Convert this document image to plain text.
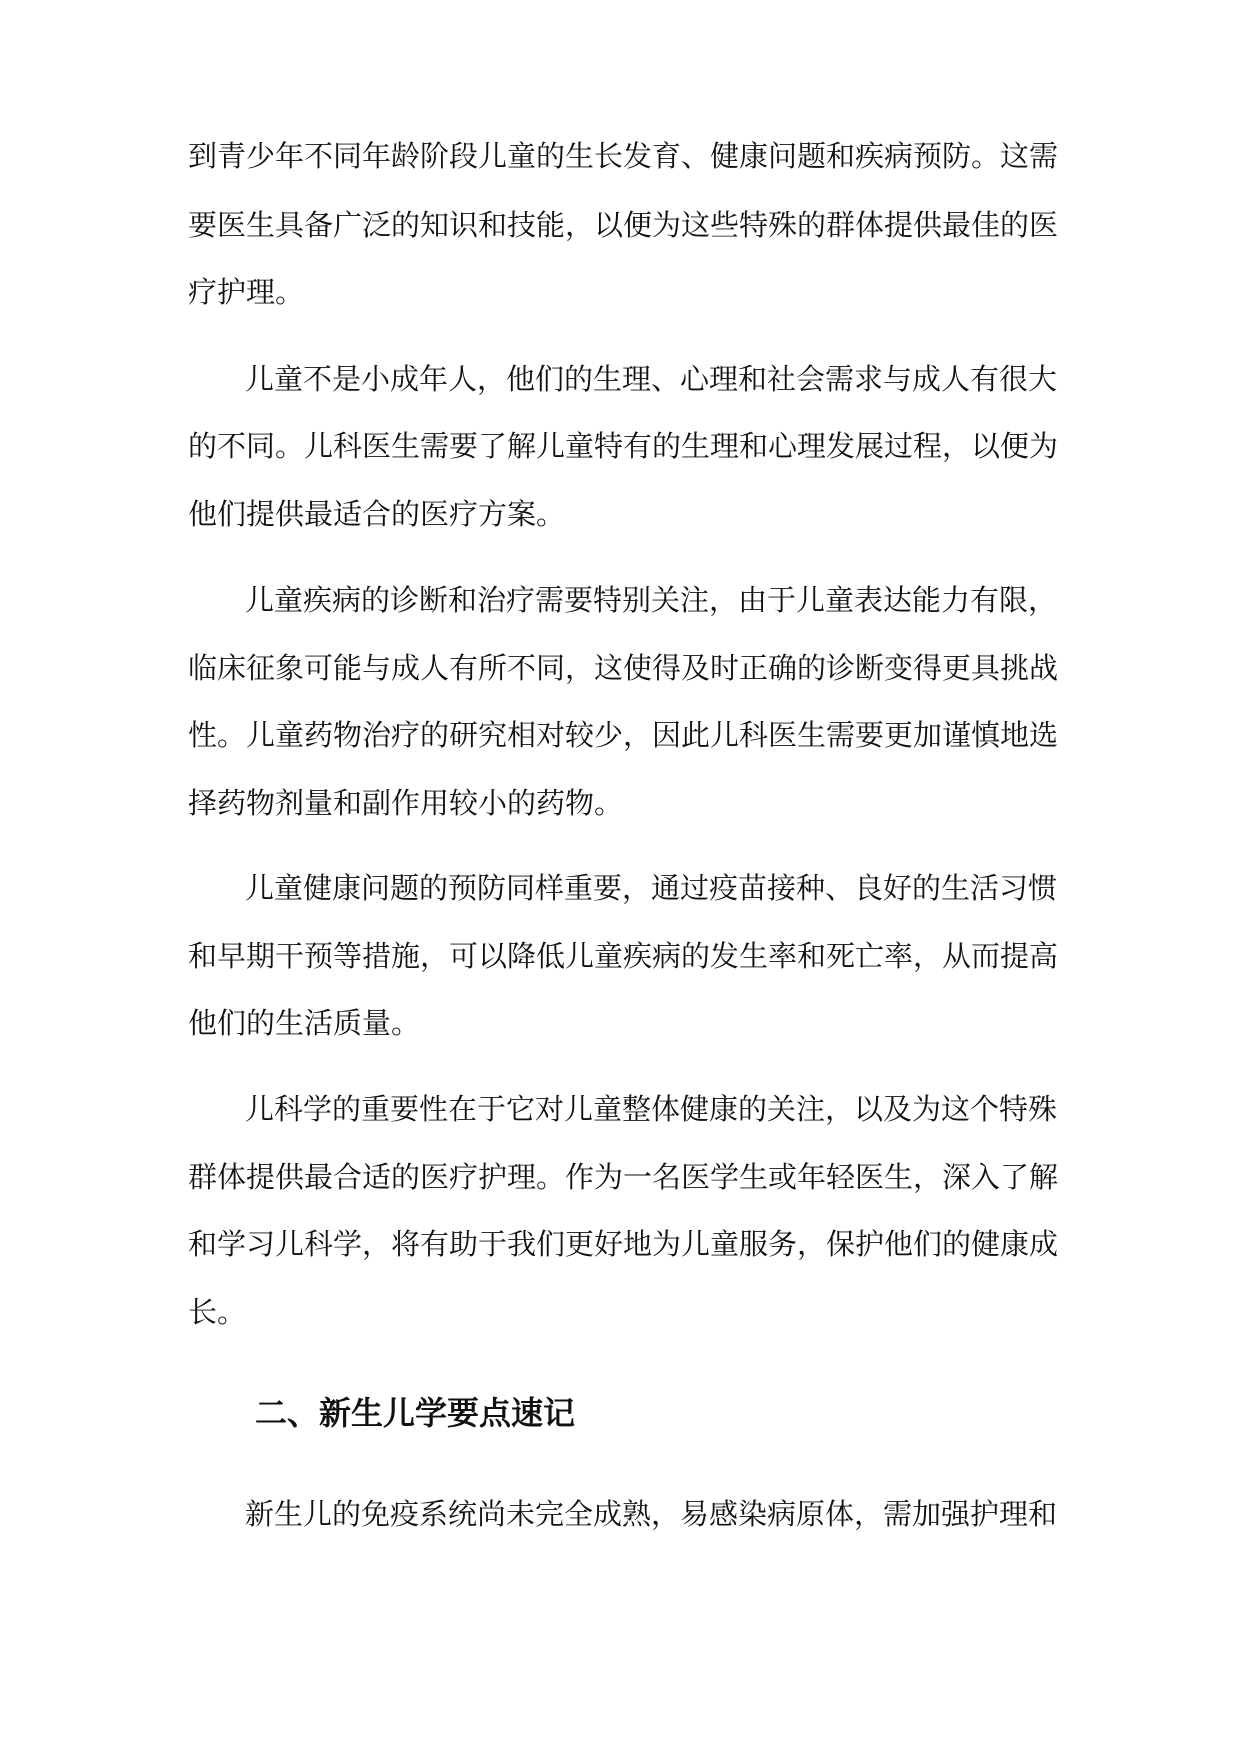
到青少年不同年龄阶段儿童的生长发育、健康问题和疾病预防。这需
要医生具备广泛的知识和技能，以便为这些特殊的群体提供最佳的医
疗护理。
儿童不是小成年人，他们的生理、心理和社会需求与成人有很大
的不同。儿科医生需要了解儿童特有的生理和心理发展过程，以便为
他们提供最适合的医疗方案。
儿童疾病的诊断和治疗需要特别关注，由于儿童表达能力有限，
临床征象可能与成人有所不同，这使得及时正确的诊断变得更具挑战
性。儿童药物治疗的研究相对较少，因此儿科医生需要更加谨慎地选
择药物剂量和副作用较小的药物。
儿童健康问题的预防同样重要，通过疫苗接种、良好的生活习惯
和早期干预等措施，可以降低儿童疾病的发生率和死亡率，从而提高
他们的生活质量。
儿科学的重要性在于它对儿童整体健康的关注，以及为这个特殊
群体提供最合适的医疗护理。作为一名医学生或年轻医生，深入了解
和学习儿科学，将有助于我们更好地为儿童服务，保护他们的健康成
长。
二、新生儿学要点速记
新生儿的免疫系统尚未完全成熟，易感染病原体，需加强护理和
